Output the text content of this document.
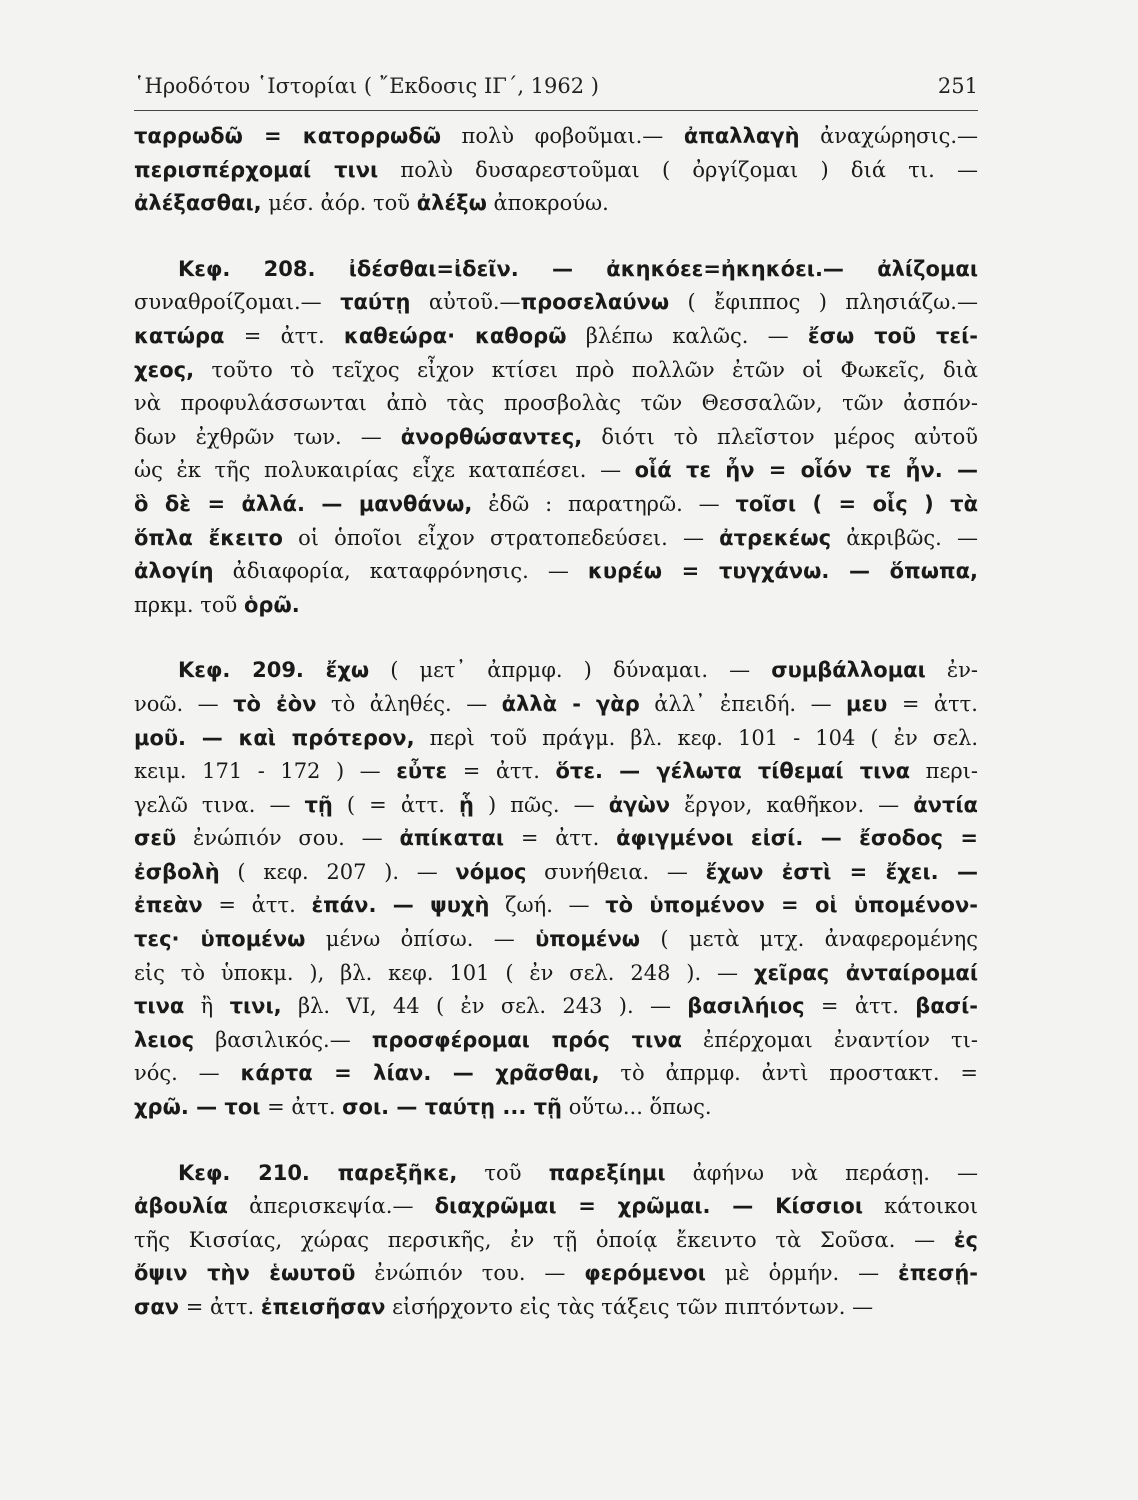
῾Ηροδότου ῾Ιστορίαι ( ῎Εκδοσις ΙΓ΄, 1962 )	251
ταρρωδῶ = κατορρωδῶ πολὺ φοβοῦμαι.— ἀπαλλαγὴ ἀναχώρησις.—
περισπέρχομαί τινι πολὺ δυσαρεστοῦμαι ( ὀργίζομαι ) διά τι. —
ἀλέξασθαι, μέσ. ἀόρ. τοῦ ἀλέξω ἀποκρούω.
Κεφ. 208. ἰδέσθαι=ἰδεῖν. — ἀκηκόεε=ἠκηκόει.— ἀλίζομαι
συναθροίζομαι.— ταύτῃ αὐτοῦ.—προσελαύνω ( ἔφιππος ) πλησιάζω.—
κατώρα = ἀττ. καθεώρα· καθορῶ βλέπω καλῶς. — ἔσω τοῦ τεί-
χεος, τοῦτο τὸ τεῖχος εἶχον κτίσει πρὸ πολλῶν ἐτῶν οἱ Φωκεῖς, διὰ
νὰ προφυλάσσωνται ἀπὸ τὰς προσβολὰς τῶν Θεσσαλῶν, τῶν ἀσπόν-
δων ἐχθρῶν των. — ἀνορθώσαντες, διότι τὸ πλεῖστον μέρος αὐτοῦ
ὡς ἐκ τῆς πολυκαιρίας εἶχε καταπέσει. — οἷά τε ἦν = οἷόν τε ἦν. —
ὃ δὲ = ἀλλά. — μανθάνω, ἐδῶ : παρατηρῶ. — τοῖσι ( = οἷς ) τὰ
ὅπλα ἔκειτο οἱ ὁποῖοι εἶχον στρατοπεδεύσει. — ἀτρεκέως ἀκριβῶς. —
ἀλογίη ἀδιαφορία, καταφρόνησις. — κυρέω = τυγχάνω. — ὅπωπα,
πρκμ. τοῦ ὁρῶ.
Κεφ. 209. ἔχω ( μετ᾽ ἀπρμφ. ) δύναμαι. — συμβάλλομαι ἐν-
νοῶ. — τὸ ἐὸν τὸ ἀληθές. — ἀλλὰ - γὰρ ἀλλ᾽ ἐπειδή. — μευ = ἀττ.
μοῦ. — καὶ πρότερον, περὶ τοῦ πράγμ. βλ. κεφ. 101 - 104 ( ἐν σελ.
κειμ. 171 - 172 ) — εὖτε = ἀττ. ὅτε. — γέλωτα τίθεμαί τινα περι-
γελῶ τινα. — τῇ ( = ἀττ. ᾗ ) πῶς. — ἀγὼν ἔργον, καθῆκον. — ἀντία
σεῦ ἐνώπιόν σου. — ἀπίκαται = ἀττ. ἀφιγμένοι εἰσί. — ἔσοδος =
ἐσβολὴ ( κεφ. 207 ). — νόμος συνήθεια. — ἔχων ἐστὶ = ἔχει. —
ἐπεὰν = ἀττ. ἐπάν. — ψυχὴ ζωή. — τὸ ὑπομένον = οἱ ὑπομένον-
τες· ὑπομένω μένω ὀπίσω. — ὑπομένω ( μετὰ μτχ. ἀναφερομένης
εἰς τὸ ὑποκμ. ), βλ. κεφ. 101 ( ἐν σελ. 248 ). — χεῖρας ἀνταίρομαί
τινα ἢ τινι, βλ. VI, 44 ( ἐν σελ. 243 ). — βασιλήιος = ἀττ. βασί-
λειος βασιλικός.— προσφέρομαι πρός τινα ἐπέρχομαι ἐναντίον τι-
νός. — κάρτα = λίαν. — χρᾶσθαι, τὸ ἀπρμφ. ἀντὶ προστακτ. =
χρῶ. — τοι = ἀττ. σοι. — ταύτῃ ... τῇ οὕτω... ὅπως.
Κεφ. 210. παρεξῆκε, τοῦ παρεξίημι ἀφήνω νὰ περάσῃ. —
ἀβουλία ἀπερισκεψία.— διαχρῶμαι = χρῶμαι. — Κίσσιοι κάτοικοι
τῆς Κισσίας, χώρας περσικῆς, ἐν τῇ ὁποίᾳ ἔκειντο τὰ Σοῦσα. — ἐς
ὄψιν τὴν ἑωυτοῦ ἐνώπιόν του. — φερόμενοι μὲ ὁρμήν. — ἐπεσῄ-
σαν = ἀττ. ἐπεισῆσαν εἰσήρχοντο εἰς τὰς τάξεις τῶν πιπτόντων. —
